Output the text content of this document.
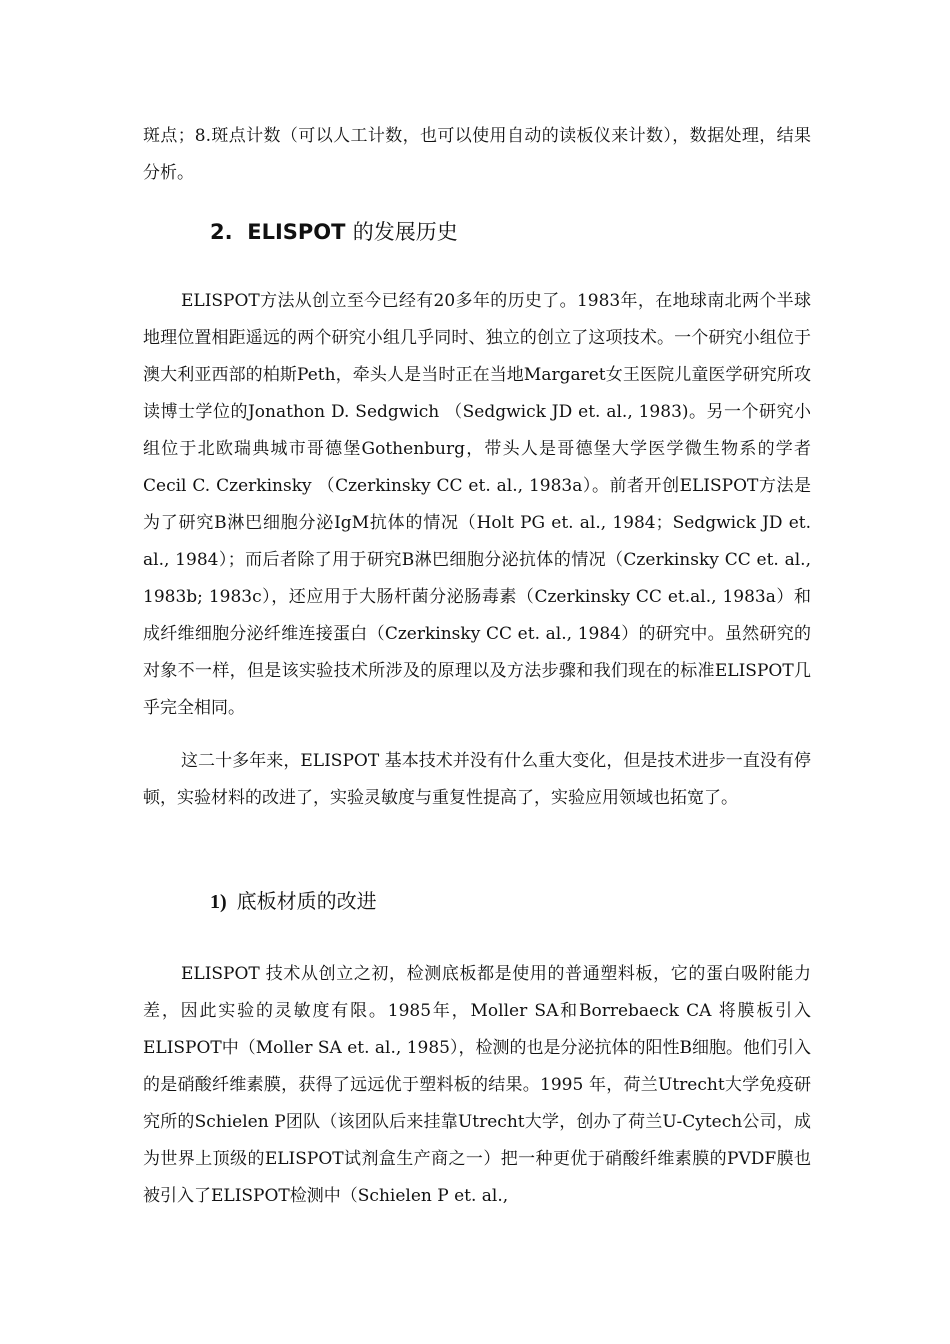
斑点；8.斑点计数（可以人工计数，也可以使用自动的读板仪来计数），数据处理，结果分析。

2. ELISPOT 的发展历史

ELISPOT方法从创立至今已经有20多年的历史了。1983年，在地球南北两个半球地理位置相距遥远的两个研究小组几乎同时、独立的创立了这项技术。一个研究小组位于澳大利亚西部的柏斯Peth，牵头人是当时正在当地Margaret女王医院儿童医学研究所攻读博士学位的Jonathon D. Sedgwich （Sedgwick JD et. al., 1983)。另一个研究小组位于北欧瑞典城市哥德堡Gothenburg，带头人是哥德堡大学医学微生物系的学者Cecil C. Czerkinsky （Czerkinsky CC et. al., 1983a）。前者开创ELISPOT方法是为了研究B淋巴细胞分泌IgM抗体的情况（Holt PG et. al., 1984；Sedgwick JD et. al., 1984）；而后者除了用于研究B淋巴细胞分泌抗体的情况（Czerkinsky CC et. al., 1983b; 1983c），还应用于大肠杆菌分泌肠毒素（Czerkinsky CC et.al., 1983a）和成纤维细胞分泌纤维连接蛋白（Czerkinsky CC et. al., 1984）的研究中。虽然研究的对象不一样，但是该实验技术所涉及的原理以及方法步骤和我们现在的标准ELISPOT几乎完全相同。

这二十多年来，ELISPOT 基本技术并没有什么重大变化，但是技术进步一直没有停顿，实验材料的改进了，实验灵敏度与重复性提高了，实验应用领域也拓宽了。

1) 底板材质的改进

ELISPOT 技术从创立之初，检测底板都是使用的普通塑料板，它的蛋白吸附能力差，因此实验的灵敏度有限。1985年，Moller SA和Borrebaeck CA 将膜板引入ELISPOT中（Moller SA et. al., 1985），检测的也是分泌抗体的阳性B细胞。他们引入的是硝酸纤维素膜，获得了远远优于塑料板的结果。1995 年，荷兰Utrecht大学免疫研究所的Schielen P团队（该团队后来挂靠Utrecht大学，创办了荷兰U-Cytech公司，成为世界上顶级的ELISPOT试剂盒生产商之一）把一种更优于硝酸纤维素膜的PVDF膜也被引入了ELISPOT检测中（Schielen P et. al.,
